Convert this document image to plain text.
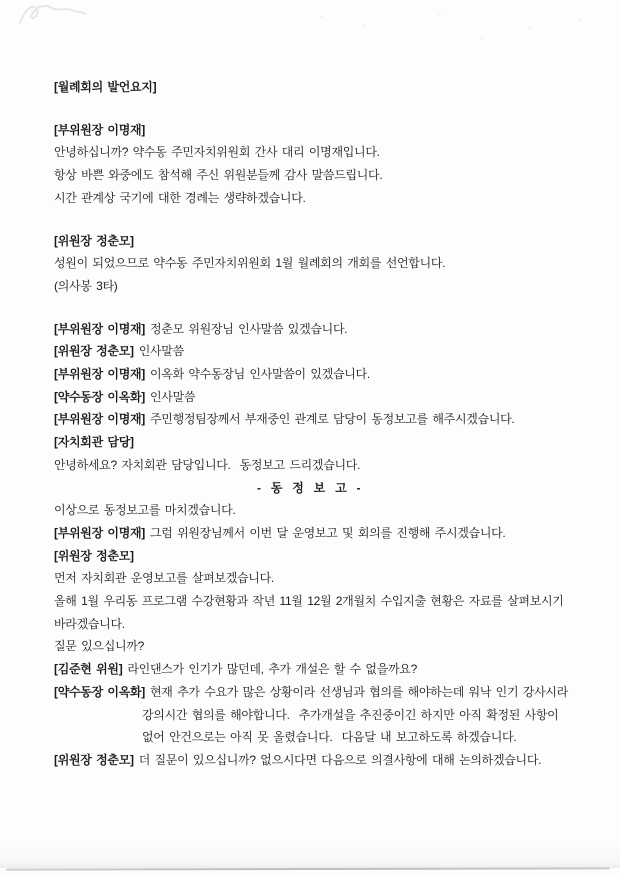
[월례회의 발언요지]

[부위원장 이명재]

안녕하십니까? 약수동 주민자치위원회 간사 대리 이명재입니다.

항상 바쁜 와중에도 참석해 주신 위원분들께 감사 말씀드립니다.

시간 관계상 국기에 대한 경례는 생략하겠습니다.

[위원장 정춘모]

성원이 되었으므로 약수동 주민자치위원회 1월 월례회의 개회를 선언합니다.

(의사봉 3타)

[부위원장 이명재] 정춘모 위원장님 인사말씀 있겠습니다.

[위원장 정춘모] 인사말씀

[부위원장 이명재] 이옥화 약수동장님 인사말씀이 있겠습니다.

[약수동장 이옥화] 인사말씀

[부위원장 이명재] 주민행정팀장께서 부재중인 관계로 담당이 동정보고를 해주시겠습니다.

[자치회관 담당]

안녕하세요? 자치회관 담당입니다.  동정보고 드리겠습니다.

- 동 정 보 고 -

이상으로 동정보고를 마치겠습니다.

[부위원장 이명재] 그럼 위원장님께서 이번 달 운영보고 및 회의를 진행해 주시겠습니다.

[위원장 정춘모]

먼저 자치회관 운영보고를 살펴보겠습니다.

올해 1월 우리동 프로그램 수강현황과 작년 11월 12월 2개월치 수입지출 현황은 자료를 살펴보시기

바라겠습니다.

질문 있으십니까?

[김준현 위원] 라인댄스가 인기가 많던데, 추가 개설은 할 수 없을까요?

[약수동장 이옥화] 현재 추가 수요가 많은 상황이라 선생님과 협의를 해야하는데 워낙 인기 강사시라

강의시간 협의를 해야합니다.  추가개설을 추진중이긴 하지만 아직 확정된 사항이

없어 안건으로는 아직 못 올렸습니다.  다음달 내 보고하도록 하겠습니다.

[위원장 정춘모] 더 질문이 있으십니까? 없으시다면 다음으로 의결사항에 대해 논의하겠습니다.
